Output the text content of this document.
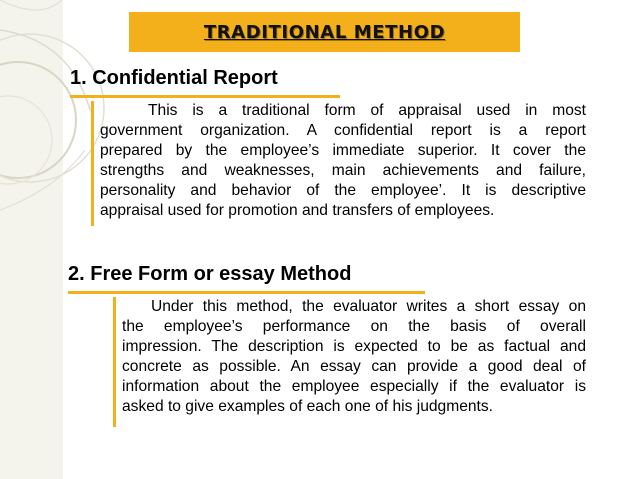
TRADITIONAL METHOD
1. Confidential Report
This is a traditional form of appraisal used in most
government organization. A confidential report is a report
prepared by the employee’s immediate superior. It cover the
strengths and weaknesses, main achievements and failure,
personality and behavior of the employee’. It is descriptive
appraisal used for promotion and transfers of employees.
2. Free Form or essay Method
Under this method, the evaluator writes a short essay on
the employee’s performance on the basis of overall
impression. The description is expected to be as factual and
concrete as possible. An essay can provide a good deal of
information about the employee especially if the evaluator is
asked to give examples of each one of his judgments.
